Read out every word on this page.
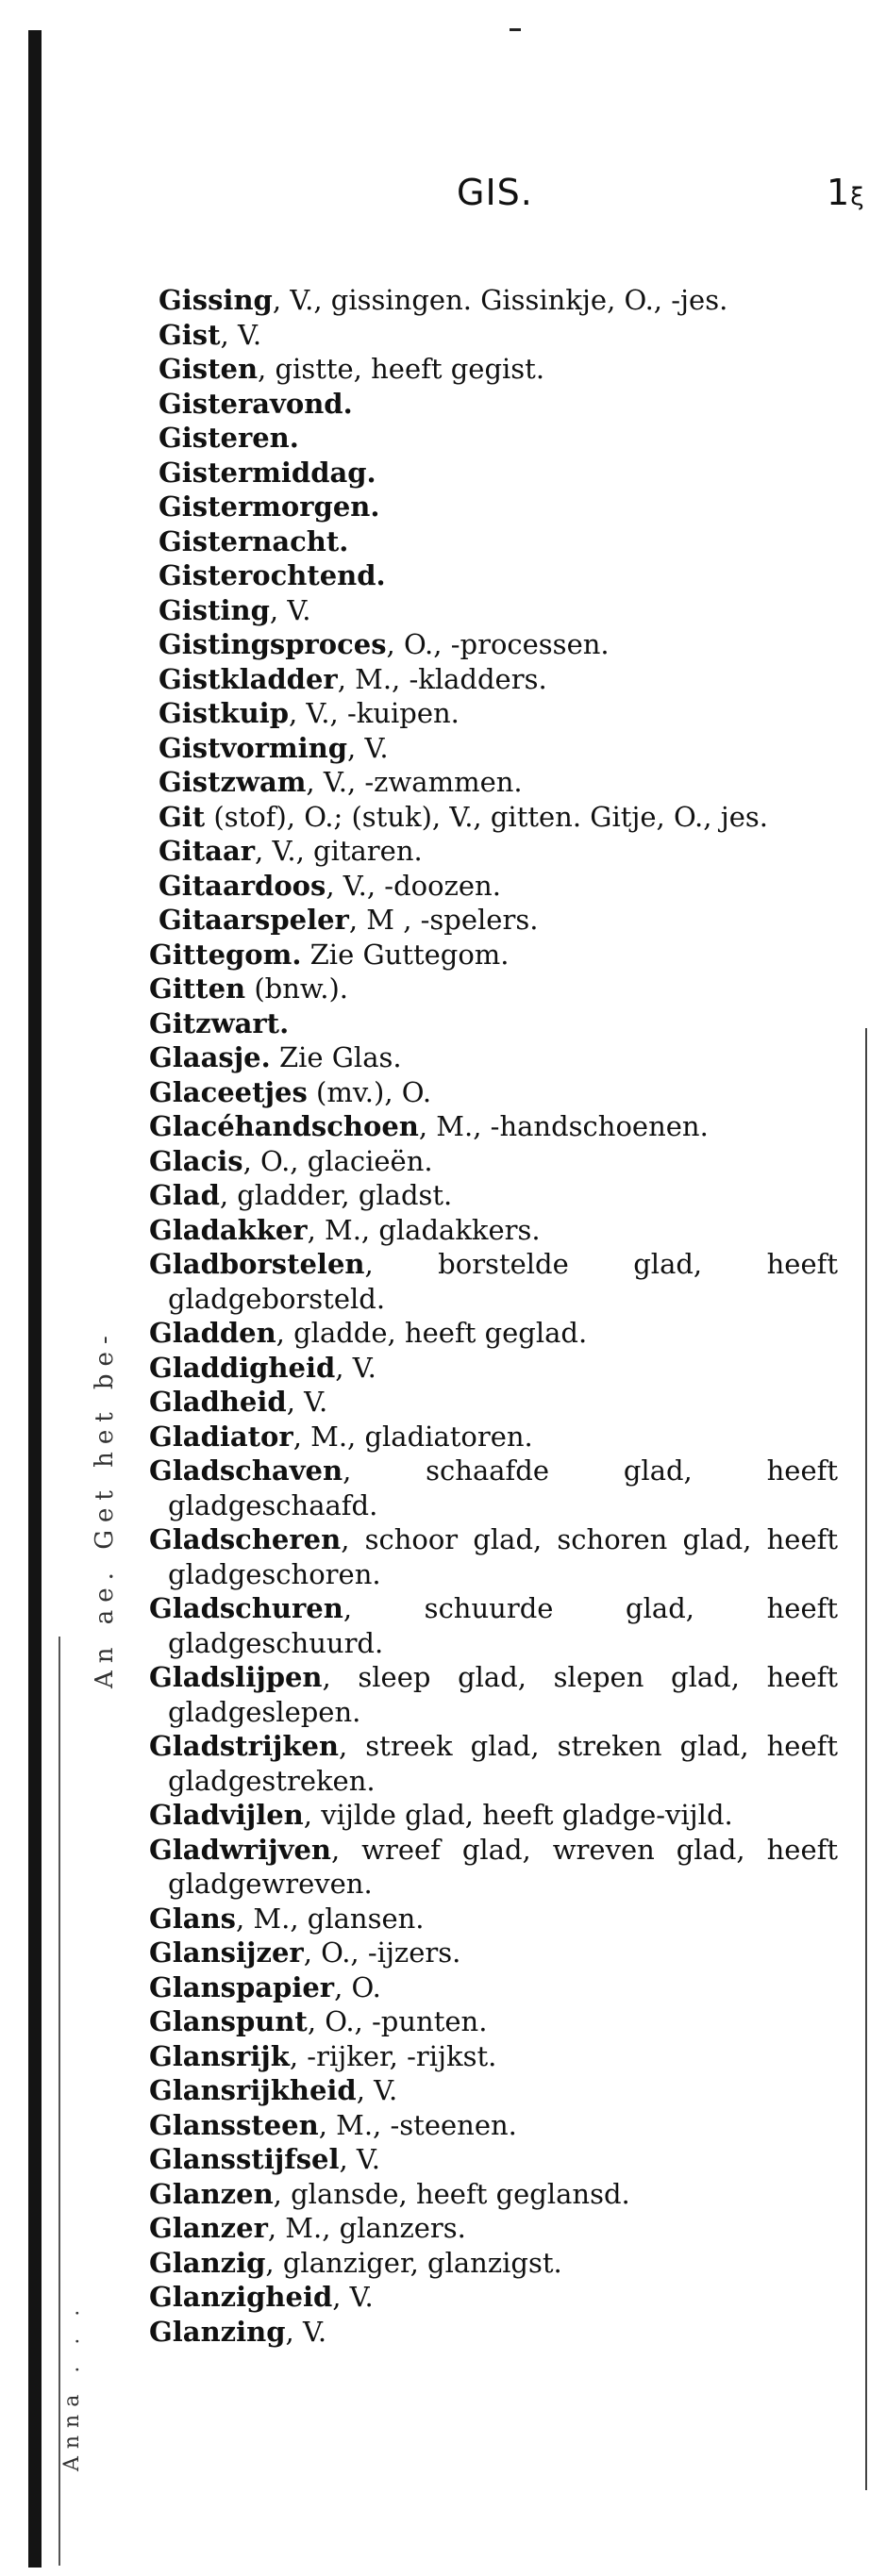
GIS.	1ξ
An ae. Get het be-
Anna . . .
Gissing, V., gissingen. Gissinkje, O., -jes.
Gist, V.
Gisten, gistte, heeft gegist.
Gisteravond.
Gisteren.
Gistermiddag.
Gistermorgen.
Gisternacht.
Gisterochtend.
Gisting, V.
Gistingsproces, O., -processen.
Gistkladder, M., -kladders.
Gistkuip, V., -kuipen.
Gistvorming, V.
Gistzwam, V., -zwammen.
Git (stof), O.; (stuk), V., gitten. Gitje, O., jes.
Gitaar, V., gitaren.
Gitaardoos, V., -doozen.
Gitaarspeler, M , -spelers.
Gittegom. Zie Guttegom.
Gitten (bnw.).
Gitzwart.
Glaasje. Zie Glas.
Glaceetjes (mv.), O.
Glacéhandschoen, M., -handschoenen.
Glacis, O., glacieën.
Glad, gladder, gladst.
Gladakker, M., gladakkers.
Gladborstelen, borstelde glad, heeft gladgeborsteld.
Gladden, gladde, heeft geglad.
Gladdigheid, V.
Gladheid, V.
Gladiator, M., gladiatoren.
Gladschaven, schaafde glad, heeft gladgeschaafd.
Gladscheren, schoor glad, schoren glad, heeft gladgeschoren.
Gladschuren, schuurde glad, heeft gladgeschuurd.
Gladslijpen, sleep glad, slepen glad, heeft gladgeslepen.
Gladstrijken, streek glad, streken glad, heeft gladgestreken.
Gladvijlen, vijlde glad, heeft gladge-vijld.
Gladwrijven, wreef glad, wreven glad, heeft gladgewreven.
Glans, M., glansen.
Glansijzer, O., -ijzers.
Glanspapier, O.
Glanspunt, O., -punten.
Glansrijk, -rijker, -rijkst.
Glansrijkheid, V.
Glanssteen, M., -steenen.
Glansstijfsel, V.
Glanzen, glansde, heeft geglansd.
Glanzer, M., glanzers.
Glanzig, glanziger, glanzigst.
Glanzigheid, V.
Glanzing, V.
